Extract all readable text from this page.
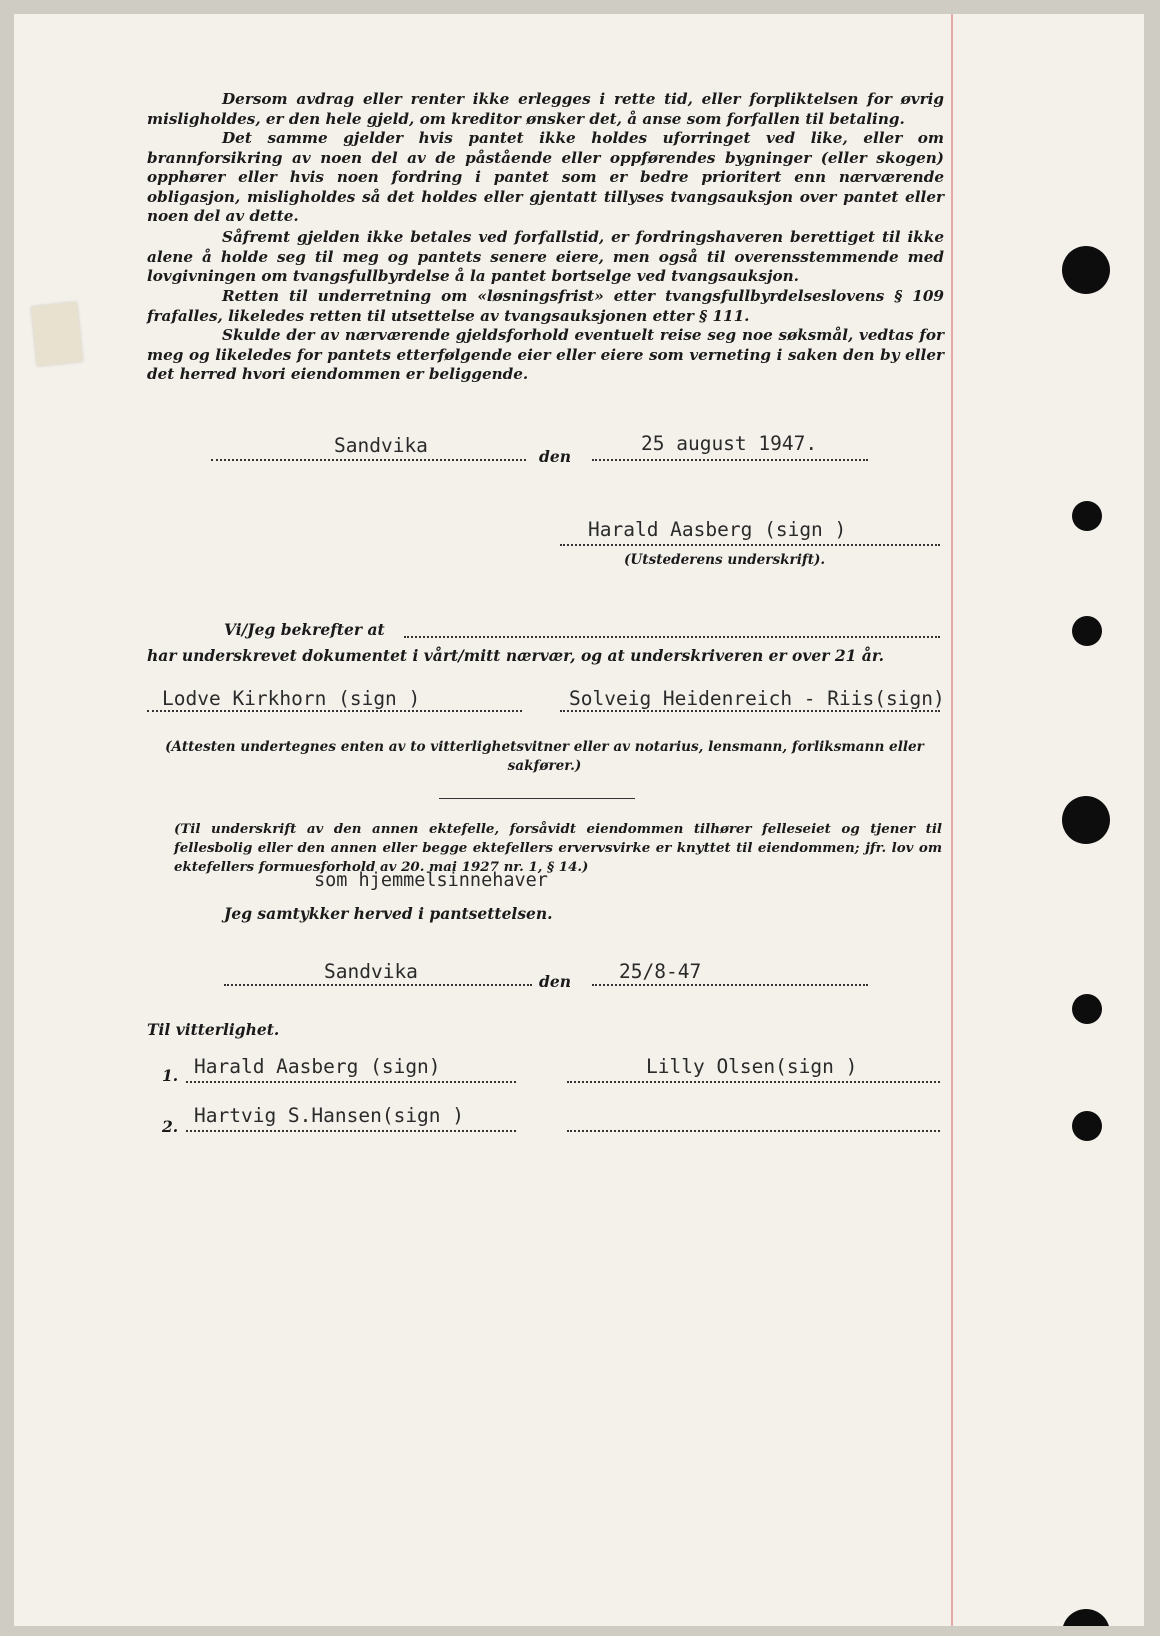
Dersom avdrag eller renter ikke erlegges i rette tid, eller forpliktelsen for øvrig misligholdes, er den hele gjeld, om kreditor ønsker det, å anse som forfallen til betaling.

Det samme gjelder hvis pantet ikke holdes uforringet ved like, eller om brannforsikring av noen del av de påstående eller oppførendes bygninger (eller skogen) opphører eller hvis noen fordring i pantet som er bedre prioritert enn nærværende obligasjon, misligholdes så det holdes eller gjentatt tillyses tvangsauksjon over pantet eller noen del av dette.

Såfremt gjelden ikke betales ved forfallstid, er fordringshaveren berettiget til ikke alene å holde seg til meg og pantets senere eiere, men også til overensstemmende med lovgivningen om tvangsfullbyrdelse å la pantet bortselge ved tvangsauksjon.

Retten til underretning om «løsningsfrist» etter tvangsfullbyrdelseslovens § 109 frafalles, likeledes retten til utsettelse av tvangsauksjonen etter § 111.

Skulde der av nærværende gjeldsforhold eventuelt reise seg noe søksmål, vedtas for meg og likeledes for pantets etterfølgende eier eller eiere som verneting i saken den by eller det herred hvori eiendommen er beliggende.

Sandvika	den
25 august 1947.
Harald Aasberg (sign )
(Utstederens underskrift).
Vi/Jeg bekrefter at
har underskrevet dokumentet i vårt/mitt nærvær, og at underskriveren er over 21 år.
Lodve Kirkhorn (sign )	Solveig Heidenreich - Riis(sign)

(Attesten undertegnes enten av to vitterlighetsvitner eller av notarius, lensmann, forliksmann eller sakfører.)

(Til underskrift av den annen ektefelle, forsåvidt eiendommen tilhører felleseiet og tjener til fellesbolig eller den annen eller begge ektefellers ervervsvirke er knyttet til eiendommen; jfr. lov om ektefellers formuesforhold av 20. mai 1927 nr. 1, § 14.)

som hjemmelsinnehaver
Jeg samtykker herved i pantsettelsen.
Sandvika	den 25/8-47
Til vitterlighet.
1. Harald Aasberg (sign)	Lilly Olsen(sign )
2. Hartvig S.Hansen(sign )
